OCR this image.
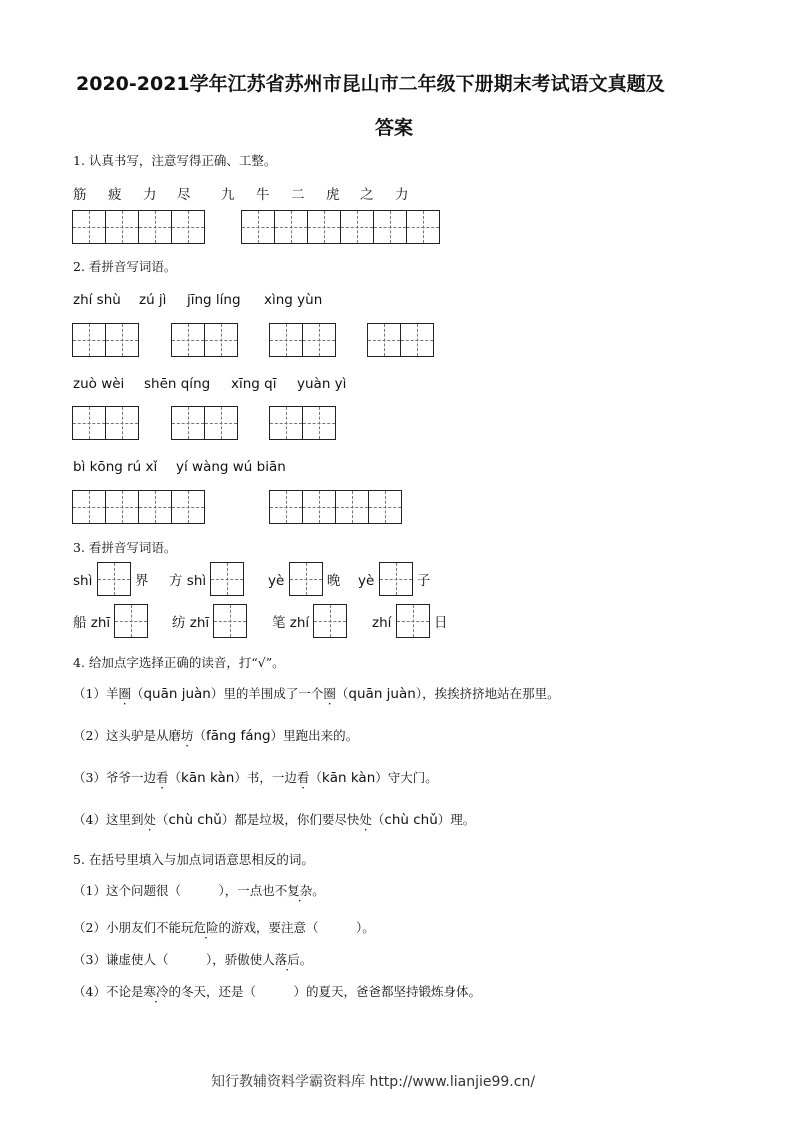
2020-2021学年江苏省苏州市昆山市二年级下册期末考试语文真题及
答案
1. 认真书写，注意写得正确、工整。
筋 疲 力 尽 九 牛 二 虎 之 力
2. 看拼音写词语。
zhí shù zú jì jīng líng xìng yùn
zuò wèi shēn qíng xīng qī yuàn yì
bì kōng rú xǐ yí wàng wú biān
3. 看拼音写词语。
shì	界 方 shì	yè	晚 yè	子
船 zhī	纺 zhī	笔 zhí	zhí	日
4. 给加点字选择正确的读音，打“√”。
（1）羊圈（quān juàn）里的羊围成了一个圈（quān juàn），挨挨挤挤地站在那里。
（2）这头驴是从磨坊（fāng fáng）里跑出来的。
（3）爷爷一边看（kān kàn）书，一边看（kān kàn）守大门。
（4）这里到处（chù chǔ）都是垃圾，你们要尽快处（chù chǔ）理。
5. 在括号里填入与加点词语意思相反的词。
（1）这个问题很（　　　），一点也不复杂。
（2）小朋友们不能玩危险的游戏，要注意（　　　）。
（3）谦虚使人（　　　），骄傲使人落后。
（4）不论是寒冷的冬天，还是（　　　）的夏天，爸爸都坚持锻炼身体。
知行教辅资料学霸资料库 http://www.lianjie99.cn/
